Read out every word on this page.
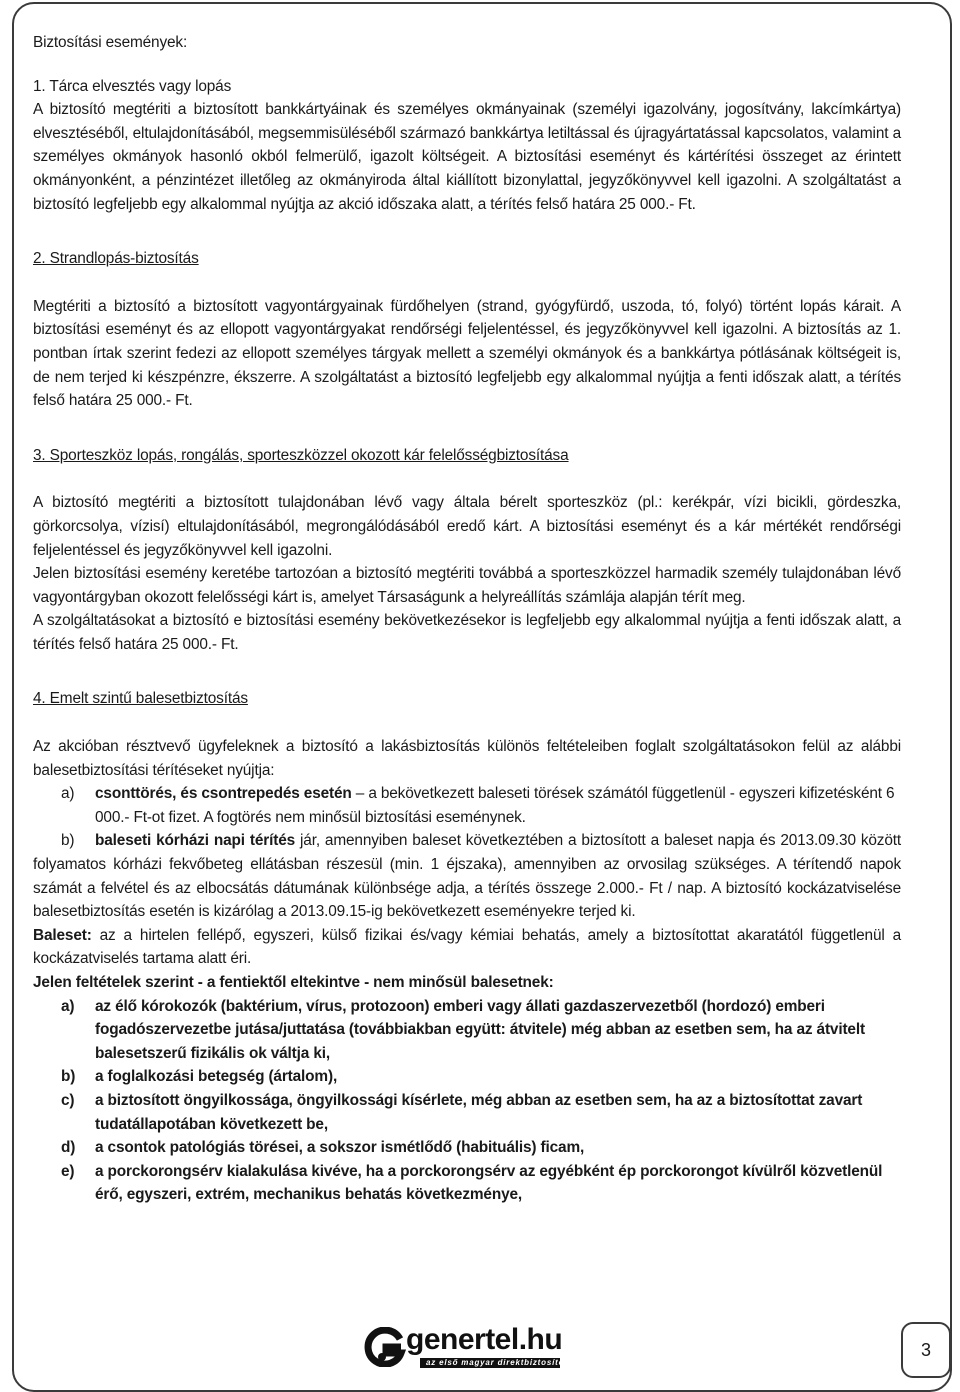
Biztosítási események:

1. Tárca elvesztés vagy lopás

A biztosító megtériti a biztosított bankkártyáinak és személyes okmányainak (személyi igazolvány, jogosítvány, lakcímkártya) elvesztéséből, eltulajdonításából, megsemmisüléséből származó bankkártya letiltással és újragyártatással kapcsolatos, valamint a személyes okmányok hasonló okból felmerülő, igazolt költségeit. A biztosítási eseményt és kártérítési összeget az érintett okmányonként, a pénzintézet illetőleg az okmányiroda által kiállított bizonylattal, jegyzőkönyvvel kell igazolni. A szolgáltatást a biztosító legfeljebb egy alkalommal nyújtja az akció időszaka alatt, a térítés felső határa 25 000.- Ft.

2. Strandlopás-biztosítás

Megtériti a biztosító a biztosított vagyontárgyainak fürdőhelyen (strand, gyógyfürdő, uszoda, tó, folyó) történt lopás kárait. A biztosítási eseményt és az ellopott vagyontárgyakat rendőrségi feljelentéssel, és jegyzőkönyvvel kell igazolni. A biztosítás az 1. pontban írtak szerint fedezi az ellopott személyes tárgyak mellett a személyi okmányok és a bankkártya pótlásának költségeit is, de nem terjed ki készpénzre, ékszerre. A szolgáltatást a biztosító legfeljebb egy alkalommal nyújtja a fenti időszak alatt, a térítés felső határa 25 000.- Ft.

3. Sporteszköz lopás, rongálás, sporteszközzel okozott kár felelősségbiztosítása

A biztosító megtériti a biztosított tulajdonában lévő vagy általa bérelt sporteszköz (pl.: kerékpár, vízi bicikli, gördeszka, görkorcsolya, vízisí) eltulajdonításából, megrongálódásából eredő kárt. A biztosítási eseményt és a kár mértékét rendőrségi feljelentéssel és jegyzőkönyvvel kell igazolni.

Jelen biztosítási esemény keretébe tartozóan a biztosító megtériti továbbá a sporteszközzel harmadik személy tulajdonában lévő vagyontárgyban okozott felelősségi kárt is, amelyet Társaságunk a helyreállítás számlája alapján térít meg.

A szolgáltatásokat a biztosító e biztosítási esemény bekövetkezésekor is legfeljebb egy alkalommal nyújtja a fenti időszak alatt, a térítés felső határa 25 000.- Ft.

4. Emelt szintű balesetbiztosítás

Az akcióban résztvevő ügyfeleknek a biztosító a lakásbiztosítás különös feltételeiben foglalt szolgáltatásokon felül az alábbi balesetbiztosítási térítéseket nyújtja:

a)	csonttörés, és csontrepedés esetén – a bekövetkezett baleseti törések számától függetlenül - egyszeri kifizetésként 6 000.- Ft-ot fizet. A fogtörés nem minősül biztosítási eseménynek.

b) baleseti kórházi napi térítés jár, amennyiben baleset következtében a biztosított a baleset napja és 2013.09.30 között folyamatos kórházi fekvőbeteg ellátásban részesül (min. 1 éjszaka), amennyiben az orvosilag szükséges. A térítendő napok számát a felvétel és az elbocsátás dátumának különbsége adja, a térítés összege 2.000.- Ft / nap. A biztosító kockázatviselése balesetbiztosítás esetén is kizárólag a 2013.09.15-ig bekövetkezett eseményekre terjed ki.

Baleset: az a hirtelen fellépő, egyszeri, külső fizikai és/vagy kémiai behatás, amely a biztosítottat akaratától függetlenül a kockázatviselés tartama alatt éri.

Jelen feltételek szerint - a fentiektől eltekintve - nem minősül balesetnek:

a)	az élő kórokozók (baktérium, vírus, protozoon) emberi vagy állati gazdaszervezetből (hordozó) emberi fogadószervezetbe jutása/juttatása (továbbiakban együtt: átvitele) még abban az esetben sem, ha az átvitelt balesetszerű fizikális ok váltja ki,
b)	a foglalkozási betegség (ártalom),
c)	a biztosított öngyilkossága, öngyilkossági kísérlete, még abban az esetben sem, ha az a biztosítottat zavart tudatállapotában következett be,
d)	a csontok patológiás törései, a sokszor ismétlődő (habituális) ficam,
e)	a porckorongsérv kialakulása kivéve, ha a porckorongsérv az egyébként ép porckorongot kívülről közvetlenül érő, egyszeri, extrém, mechanikus behatás következménye,
genertel.hu
az első magyar direktbiztosító
3
